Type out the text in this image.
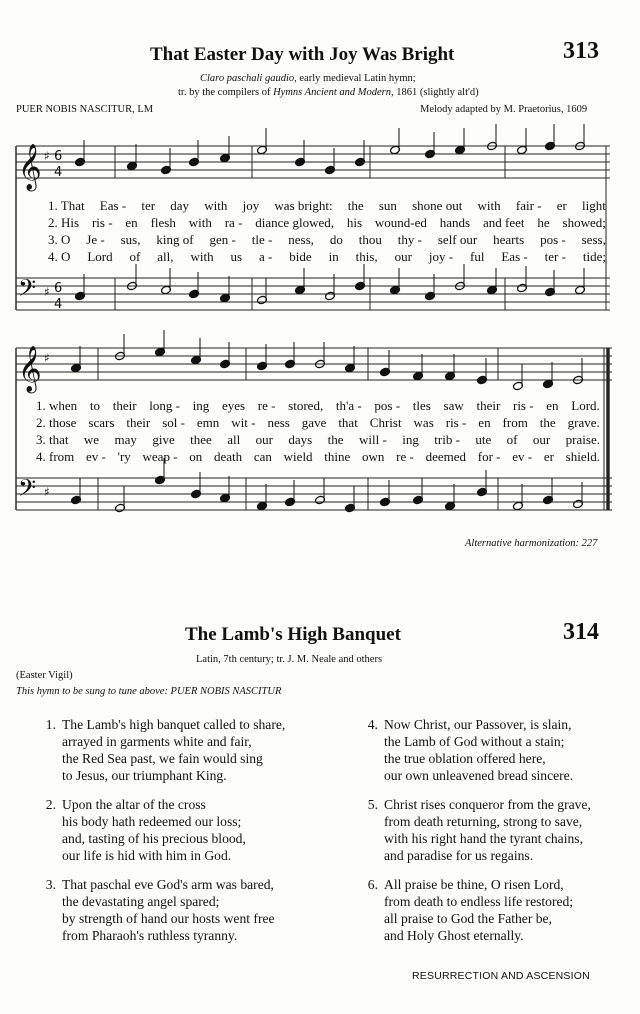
That Easter Day with Joy Was Bright	313
Claro paschali gaudio, early medieval Latin hymn;
tr. by the compilers of Hymns Ancient and Modern, 1861 (slightly alt'd)
PUER NOBIS NASCITUR, LM	Melody adapted by M. Praetorius, 1609
𝄞
𝄢
♯
♯
6
4
6
4
𝄞
𝄢
♯
♯
1. That Eas - ter day with joy was bright: the sun shone out with fair - er light
2. His ris - en flesh with ra - diance glowed, his wound-ed hands and feet he showed;
3. O Je - sus, king of gen - tle - ness, do thou thy - self our hearts pos - sess,
4. O Lord of all, with us a - bide in this, our joy - ful Eas - ter - tide;
1. when to their long - ing eyes re - stored, th'a - pos - tles saw their ris - en Lord.
2. those scars their sol - emn wit - ness gave that Christ was ris - en from the grave.
3. that we may give thee all our days the will - ing trib - ute of our praise.
4. from ev - 'ry weap - on death can wield thine own re - deemed for - ev - er shield.
Alternative harmonization: 227
The Lamb's High Banquet	314
Latin, 7th century; tr. J. M. Neale and others
(Easter Vigil)
This hymn to be sung to tune above: PUER NOBIS NASCITUR
1. The Lamb's high banquet called to share,
arrayed in garments white and fair,
the Red Sea past, we fain would sing
to Jesus, our triumphant King.
2. Upon the altar of the cross
his body hath redeemed our loss;
and, tasting of his precious blood,
our life is hid with him in God.
3. That paschal eve God's arm was bared,
the devastating angel spared;
by strength of hand our hosts went free
from Pharaoh's ruthless tyranny.
4. Now Christ, our Passover, is slain,
the Lamb of God without a stain;
the true oblation offered here,
our own unleavened bread sincere.
5. Christ rises conqueror from the grave,
from death returning, strong to save,
with his right hand the tyrant chains,
and paradise for us regains.
6. All praise be thine, O risen Lord,
from death to endless life restored;
all praise to God the Father be,
and Holy Ghost eternally.
RESURRECTION AND ASCENSION
